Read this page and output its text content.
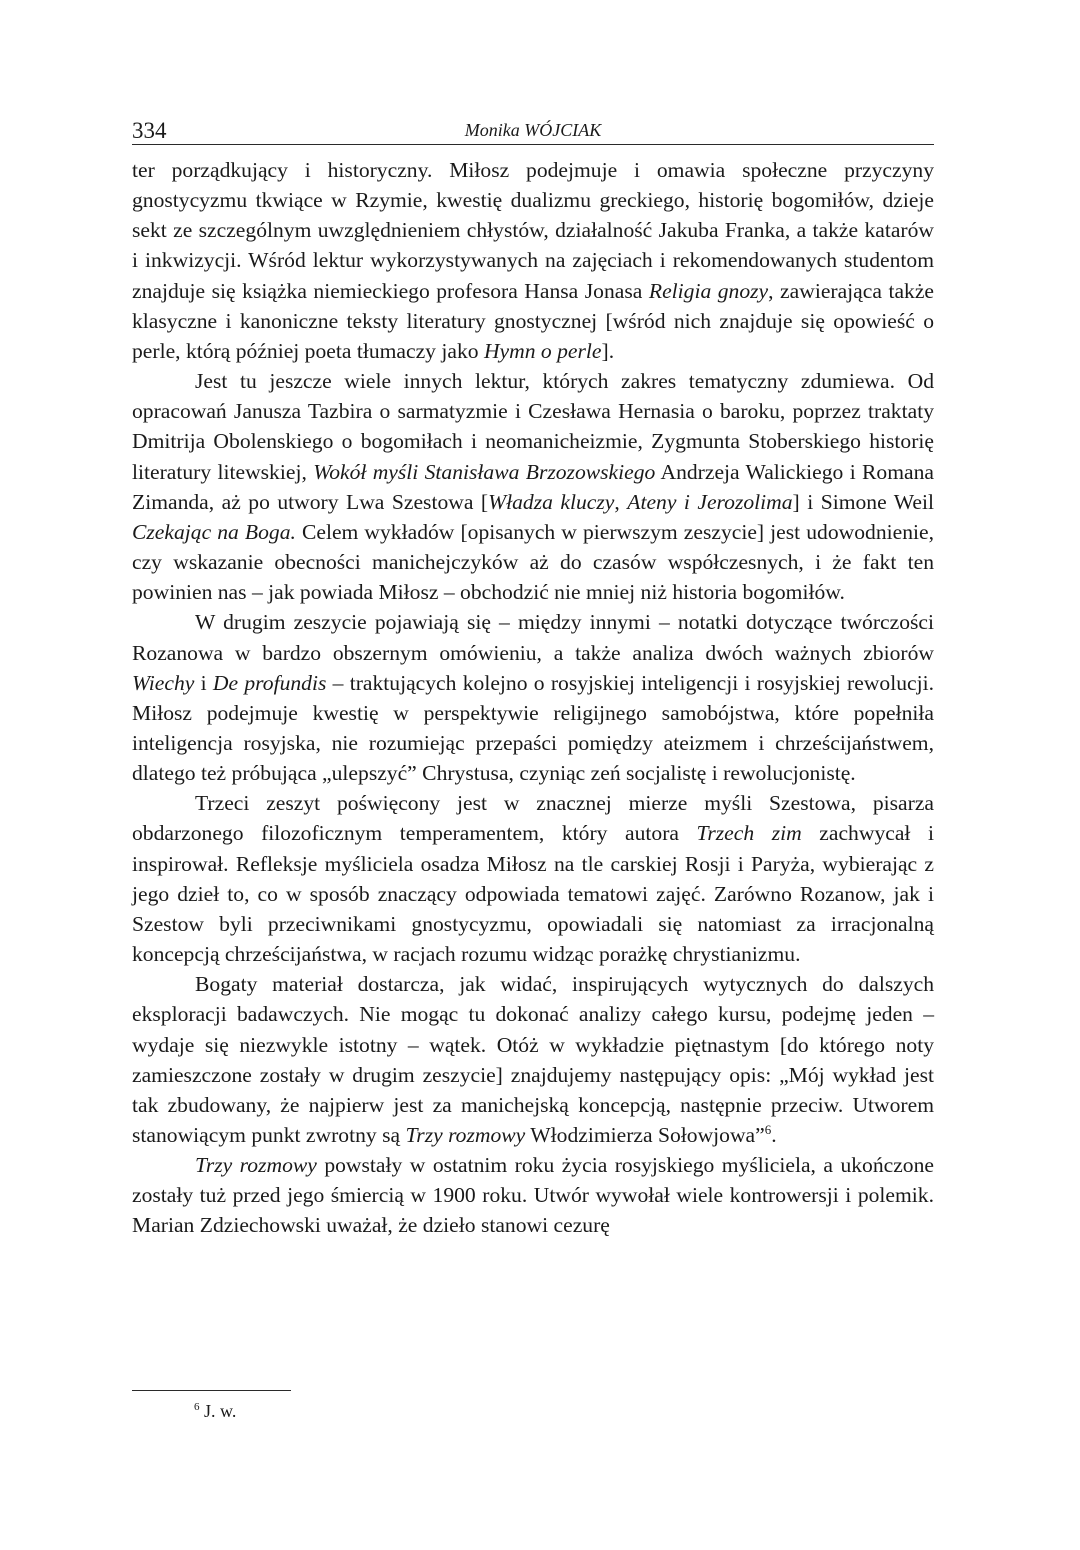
334	Monika WÓJCIAK

ter porządkujący i historyczny. Miłosz podejmuje i omawia społeczne przyczyny gnostycyzmu tkwiące w Rzymie, kwestię dualizmu greckiego, historię bogomiłów, dzieje sekt ze szczególnym uwzględnieniem chłystów, działalność Jakuba Franka, a także katarów i inkwizycji. Wśród lektur wykorzystywanych na zajęciach i rekomendowanych studentom znajduje się książka niemieckiego profesora Hansa Jonasa Religia gnozy, zawierająca także klasyczne i kanoniczne teksty literatury gnostycznej [wśród nich znajduje się opowieść o perle, którą później poeta tłumaczy jako Hymn o perle].

Jest tu jeszcze wiele innych lektur, których zakres tematyczny zdumiewa. Od opracowań Janusza Tazbira o sarmatyzmie i Czesława Hernasia o baroku, poprzez traktaty Dmitrija Obolenskiego o bogomiłach i neomanicheizmie, Zygmunta Stoberskiego historię literatury litewskiej, Wokół myśli Stanisława Brzozowskiego Andrzeja Walickiego i Romana Zimanda, aż po utwory Lwa Szestowa [Władza kluczy, Ateny i Jerozolima] i Simone Weil Czekając na Boga. Celem wykładów [opisanych w pierwszym zeszycie] jest udowodnienie, czy wskazanie obecności manichejczyków aż do czasów współczesnych, i że fakt ten powinien nas – jak powiada Miłosz – obchodzić nie mniej niż historia bogomiłów.

W drugim zeszycie pojawiają się – między innymi – notatki dotyczące twórczości Rozanowa w bardzo obszernym omówieniu, a także analiza dwóch ważnych zbiorów Wiechy i De profundis – traktujących kolejno o rosyjskiej inteligencji i rosyjskiej rewolucji. Miłosz podejmuje kwestię w perspektywie religijnego samobójstwa, które popełniła inteligencja rosyjska, nie rozumiejąc przepaści pomiędzy ateizmem i chrześcijaństwem, dlatego też próbująca „ulepszyć” Chrystusa, czyniąc zeń socjalistę i rewolucjonistę.

Trzeci zeszyt poświęcony jest w znacznej mierze myśli Szestowa, pisarza obdarzonego filozoficznym temperamentem, który autora Trzech zim zachwycał i inspirował. Refleksje myśliciela osadza Miłosz na tle carskiej Rosji i Paryża, wybierając z jego dzieł to, co w sposób znaczący odpowiada tematowi zajęć. Zarówno Rozanow, jak i Szestow byli przeciwnikami gnostycyzmu, opowiadali się natomiast za irracjonalną koncepcją chrześcijaństwa, w racjach rozumu widząc porażkę chrystianizmu.

Bogaty materiał dostarcza, jak widać, inspirujących wytycznych do dalszych eksploracji badawczych. Nie mogąc tu dokonać analizy całego kursu, podejmę jeden – wydaje się niezwykle istotny – wątek. Otóż w wykładzie piętnastym [do którego noty zamieszczone zostały w drugim zeszycie] znajdujemy następujący opis: „Mój wykład jest tak zbudowany, że najpierw jest za manichejską koncepcją, następnie przeciw. Utworem stanowiącym punkt zwrotny są Trzy rozmowy Włodzimierza Sołowjowa”$^6$.

Trzy rozmowy powstały w ostatnim roku życia rosyjskiego myśliciela, a ukończone zostały tuż przed jego śmiercią w 1900 roku. Utwór wywołał wiele kontrowersji i polemik. Marian Zdziechowski uważał, że dzieło stanowi cezurę

$^6$ J. w.
